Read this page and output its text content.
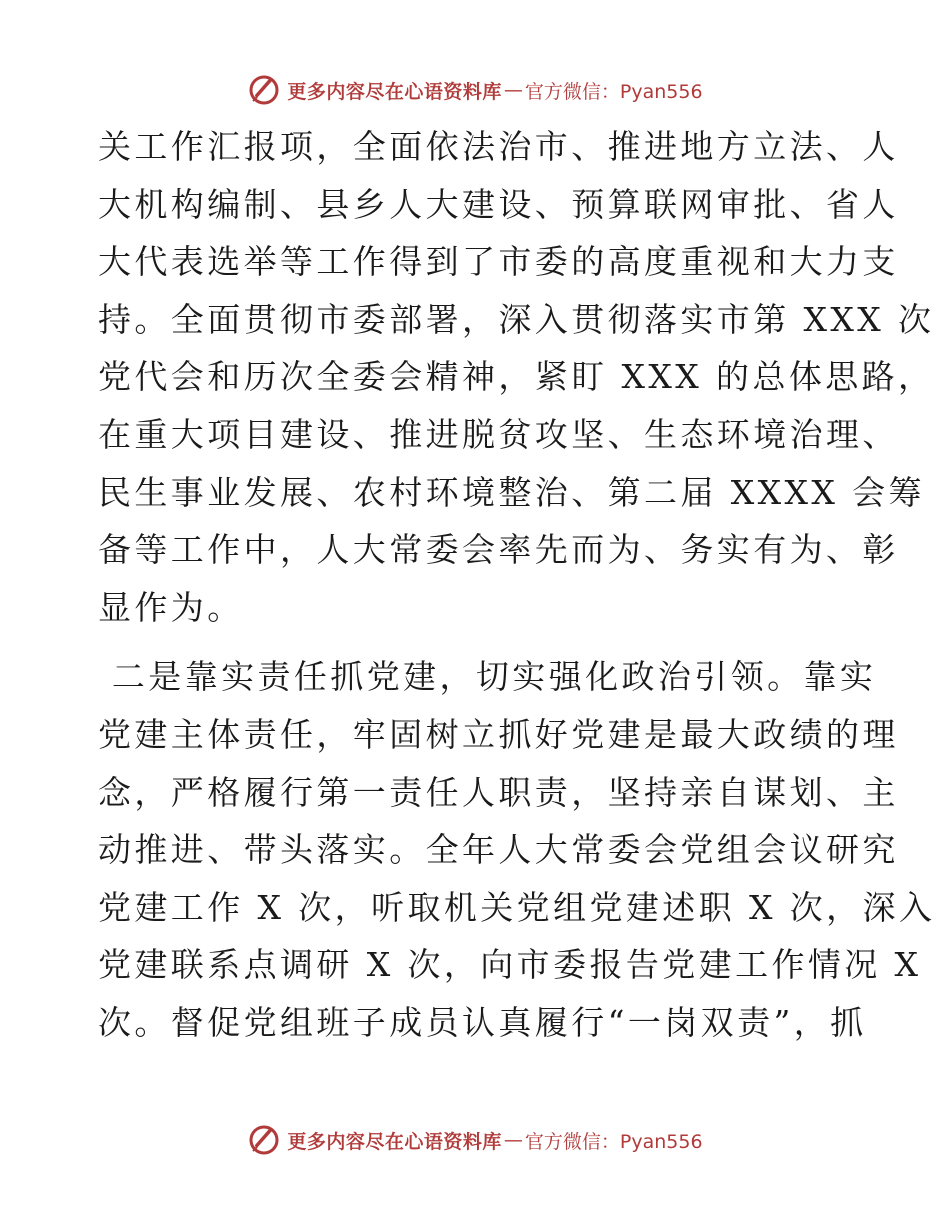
更多内容尽在心语资料库 — 官方微信：Pyan556

关工作汇报项，全面依法治市、推进地方立法、人
大机构编制、县乡人大建设、预算联网审批、省人
大代表选举等工作得到了市委的高度重视和大力支
持。全面贯彻市委部署，深入贯彻落实市第 XXX 次
党代会和历次全委会精神，紧盯 XXX 的总体思路，
在重大项目建设、推进脱贫攻坚、生态环境治理、
民生事业发展、农村环境整治、第二届 XXXX 会筹
备等工作中，人大常委会率先而为、务实有为、彰
显作为。

二是靠实责任抓党建，切实强化政治引领。靠实
党建主体责任，牢固树立抓好党建是最大政绩的理
念，严格履行第一责任人职责，坚持亲自谋划、主
动推进、带头落实。全年人大常委会党组会议研究
党建工作 X 次，听取机关党组党建述职 X 次，深入
党建联系点调研 X 次，向市委报告党建工作情况 X
次。督促党组班子成员认真履行“一岗双责”，抓

更多内容尽在心语资料库 — 官方微信：Pyan556
